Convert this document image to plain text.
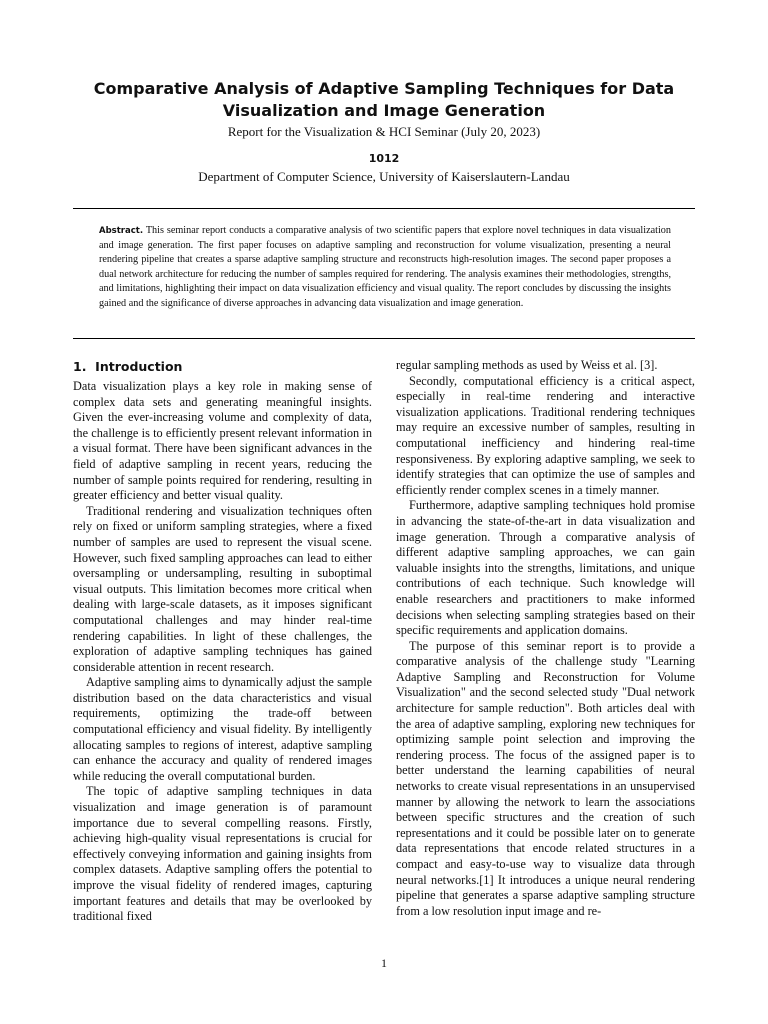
Comparative Analysis of Adaptive Sampling Techniques for Data Visualization and Image Generation
Report for the Visualization & HCI Seminar (July 20, 2023)
1012
Department of Computer Science, University of Kaiserslautern-Landau

Abstract. This seminar report conducts a comparative analysis of two scientific papers that explore novel techniques in data visualization and image generation. The first paper focuses on adaptive sampling and reconstruction for volume visualization, presenting a neural rendering pipeline that creates a sparse adaptive sampling structure and reconstructs high-resolution images. The second paper proposes a dual network architecture for reducing the number of samples required for rendering. The analysis examines their methodologies, strengths, and limitations, highlighting their impact on data visualization efficiency and visual quality. The report concludes by discussing the insights gained and the significance of diverse approaches in advancing data visualization and image generation.

1. Introduction

Data visualization plays a key role in making sense of complex data sets and generating meaningful insights. Given the ever-increasing volume and complexity of data, the challenge is to efficiently present relevant information in a visual format. There have been significant advances in the field of adaptive sampling in recent years, reducing the number of sample points required for rendering, resulting in greater efficiency and better visual quality.

Traditional rendering and visualization techniques often rely on fixed or uniform sampling strategies, where a fixed number of samples are used to represent the visual scene. However, such fixed sampling approaches can lead to either oversampling or undersampling, resulting in suboptimal visual outputs. This limitation becomes more critical when dealing with large-scale datasets, as it imposes significant computational challenges and may hinder real-time rendering capabilities. In light of these challenges, the exploration of adaptive sampling techniques has gained considerable attention in recent research.

Adaptive sampling aims to dynamically adjust the sample distribution based on the data characteristics and visual requirements, optimizing the trade-off between computational efficiency and visual fidelity. By intelligently allocating samples to regions of interest, adaptive sampling can enhance the accuracy and quality of rendered images while reducing the overall computational burden.

The topic of adaptive sampling techniques in data visualization and image generation is of paramount importance due to several compelling reasons. Firstly, achieving high-quality visual representations is crucial for effectively conveying information and gaining insights from complex datasets. Adaptive sampling offers the potential to improve the visual fidelity of rendered images, capturing important features and details that may be overlooked by traditional fixed

regular sampling methods as used by Weiss et al. [3].

Secondly, computational efficiency is a critical aspect, especially in real-time rendering and interactive visualization applications. Traditional rendering techniques may require an excessive number of samples, resulting in computational inefficiency and hindering real-time responsiveness. By exploring adaptive sampling, we seek to identify strategies that can optimize the use of samples and efficiently render complex scenes in a timely manner.

Furthermore, adaptive sampling techniques hold promise in advancing the state-of-the-art in data visualization and image generation. Through a comparative analysis of different adaptive sampling approaches, we can gain valuable insights into the strengths, limitations, and unique contributions of each technique. Such knowledge will enable researchers and practitioners to make informed decisions when selecting sampling strategies based on their specific requirements and application domains.

The purpose of this seminar report is to provide a comparative analysis of the challenge study "Learning Adaptive Sampling and Reconstruction for Volume Visualization" and the second selected study "Dual network architecture for sample reduction". Both articles deal with the area of adaptive sampling, exploring new techniques for optimizing sample point selection and improving the rendering process. The focus of the assigned paper is to better understand the learning capabilities of neural networks to create visual representations in an unsupervised manner by allowing the network to learn the associations between specific structures and the creation of such representations and it could be possible later on to generate data representations that encode related structures in a compact and easy-to-use way to visualize data through neural networks.[1] It introduces a unique neural rendering pipeline that generates a sparse adaptive sampling structure from a low resolution input image and re-

1
